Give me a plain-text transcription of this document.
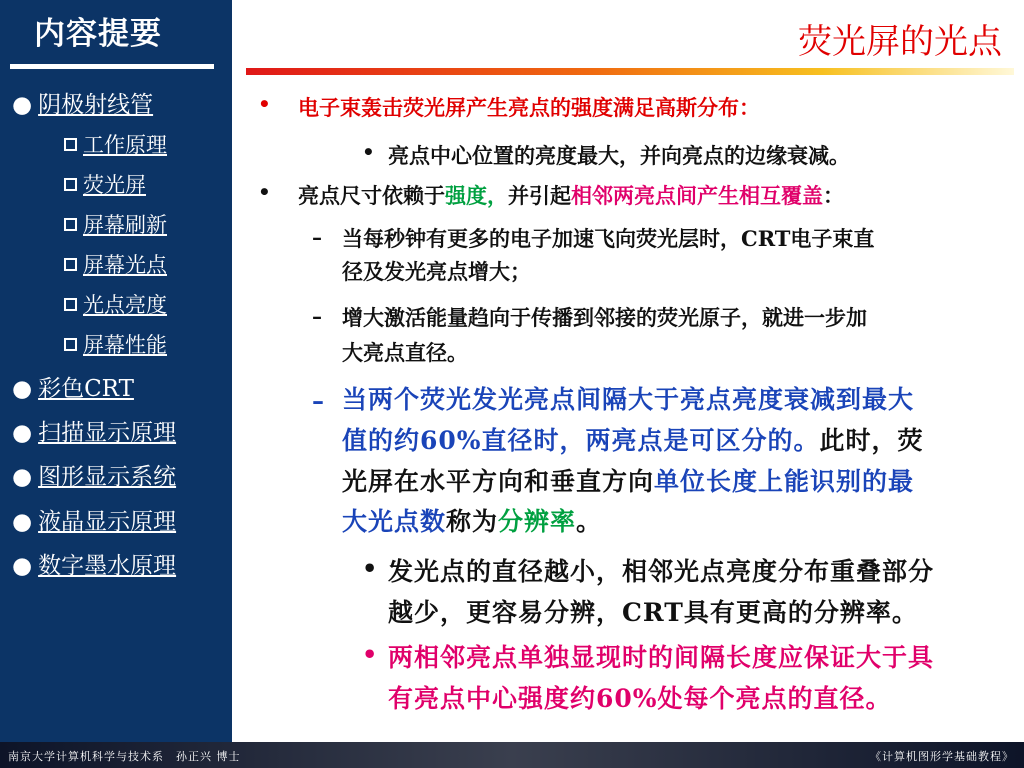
内容提要
● 阴极射线管
工作原理
荧光屏
屏幕刷新
屏幕光点
光点亮度
屏幕性能
● 彩色CRT
● 扫描显示原理
● 图形显示系统
● 液晶显示原理
● 数字墨水原理
荧光屏的光点
• 电子束轰击荧光屏产生亮点的强度满足高斯分布：
• 亮点中心位置的亮度最大，并向亮点的边缘衰减。
• 亮点尺寸依赖于强度，并引起相邻两亮点间产生相互覆盖：
– 当每秒钟有更多的电子加速飞向荧光层时，CRT电子束直
径及发光亮点增大；
– 增大激活能量趋向于传播到邻接的荧光原子，就进一步加
大亮点直径。
– 当两个荧光发光亮点间隔大于亮点亮度衰减到最大
值的约60%直径时，两亮点是可区分的。此时，荧
光屏在水平方向和垂直方向单位长度上能识别的最
大光点数称为分辨率。
• 发光点的直径越小，相邻光点亮度分布重叠部分
越少，更容易分辨，CRT具有更高的分辨率。
• 两相邻亮点单独显现时的间隔长度应保证大于具
有亮点中心强度约60%处每个亮点的直径。
南京大学计算机科学与技术系　孙正兴 博士	《计算机图形学基础教程》
